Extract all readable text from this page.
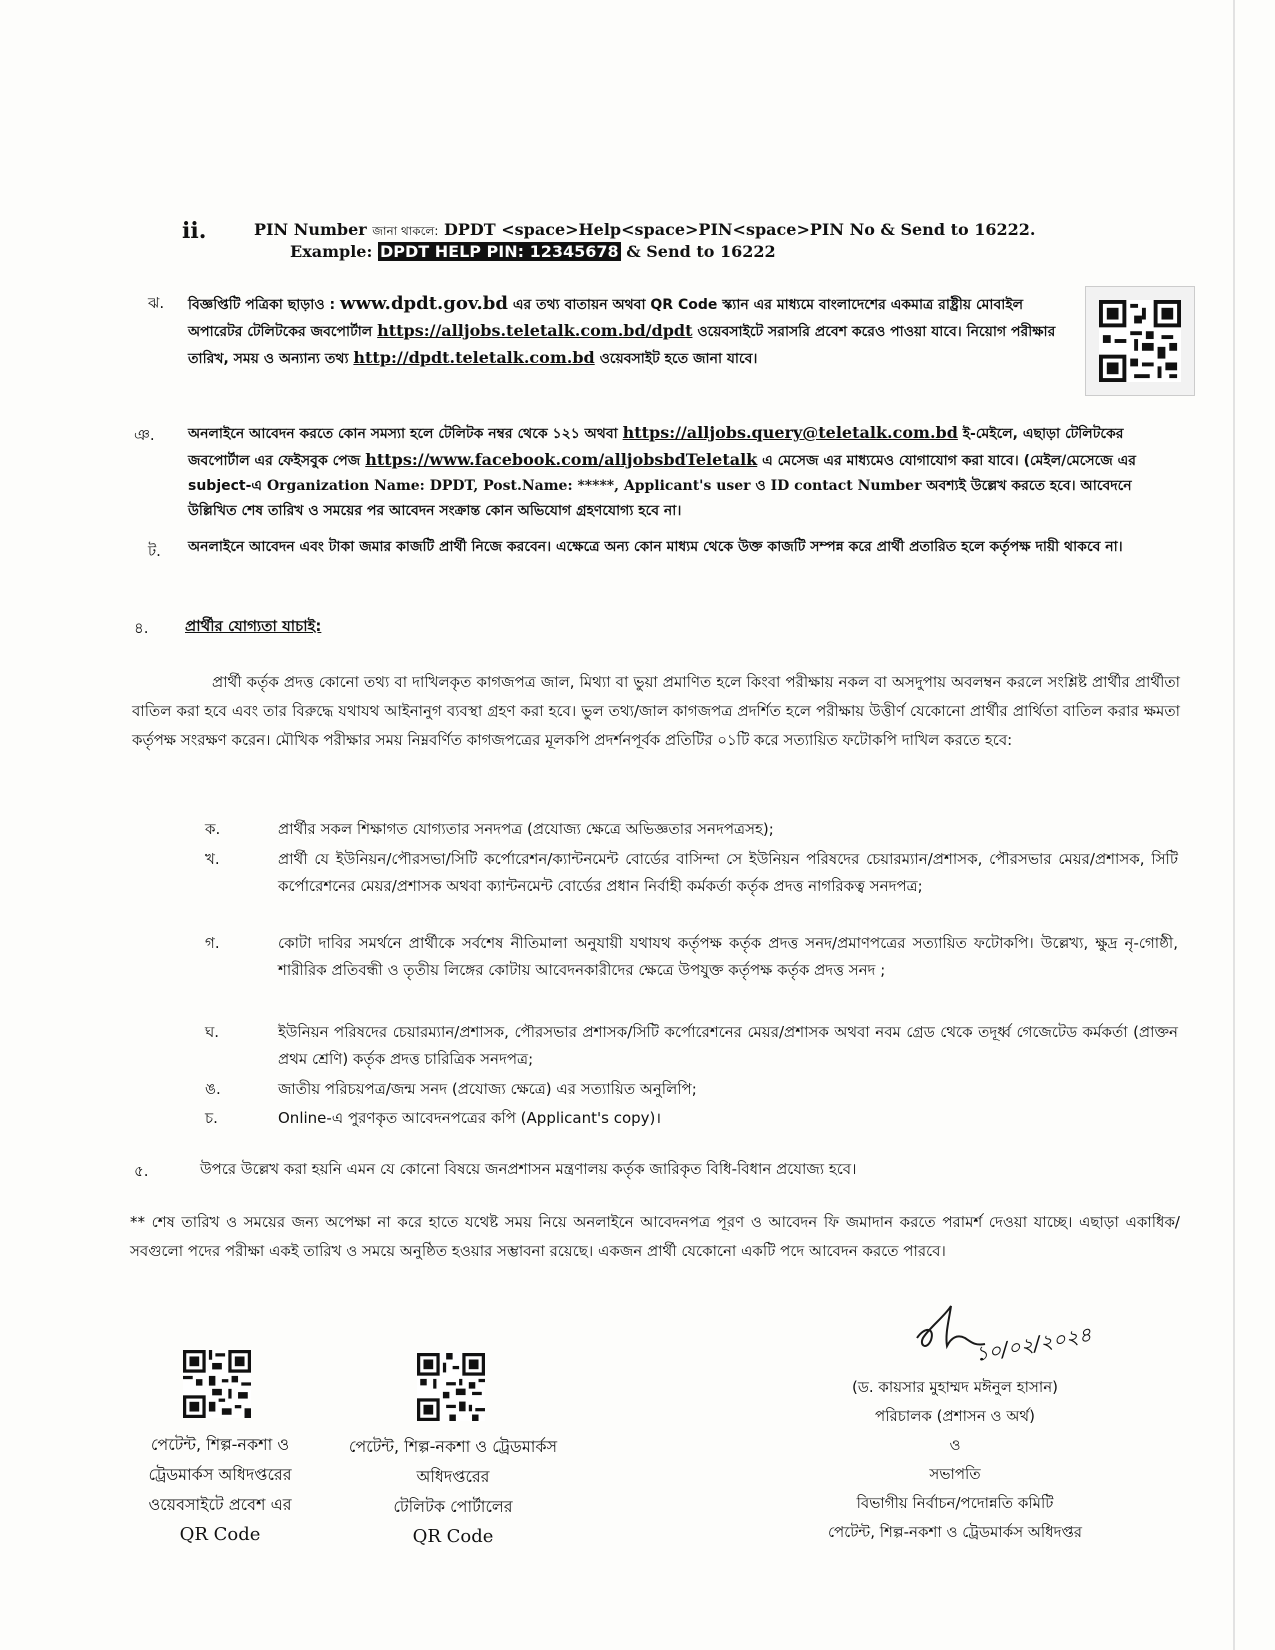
ii.	PIN Number জানা থাকলে: DPDT <space>Help<space>PIN<space>PIN No & Send to 16222.
Example: DPDT HELP PIN: 12345678 & Send to 16222
ঝ. বিজ্ঞপ্তিটি পত্রিকা ছাড়াও : www.dpdt.gov.bd এর তথ্য বাতায়ন অথবা QR Code স্ক্যান এর মাধ্যমে বাংলাদেশের একমাত্র রাষ্ট্রীয় মোবাইল অপারেটর টেলিটকের জবপোর্টাল https://alljobs.teletalk.com.bd/dpdt ওয়েবসাইটে সরাসরি প্রবেশ করেও পাওয়া যাবে। নিয়োগ পরীক্ষার তারিখ, সময় ও অন্যান্য তথ্য http://dpdt.teletalk.com.bd ওয়েবসাইট হতে জানা যাবে।
ঞ. অনলাইনে আবেদন করতে কোন সমস্যা হলে টেলিটক নম্বর থেকে ১২১ অথবা https://alljobs.query@teletalk.com.bd ই-মেইলে, এছাড়া টেলিটকের জবপোর্টাল এর ফেইসবুক পেজ https://www.facebook.com/alljobsbdTeletalk এ মেসেজ এর মাধ্যমেও যোগাযোগ করা যাবে। (মেইল/মেসেজে এর subject-এ Organization Name: DPDT, Post.Name: *****, Applicant's user ও ID contact Number অবশ্যই উল্লেখ করতে হবে। আবেদনে উল্লিখিত শেষ তারিখ ও সময়ের পর আবেদন সংক্রান্ত কোন অভিযোগ গ্রহণযোগ্য হবে না।
ট. অনলাইনে আবেদন এবং টাকা জমার কাজটি প্রার্থী নিজে করবেন। এক্ষেত্রে অন্য কোন মাধ্যম থেকে উক্ত কাজটি সম্পন্ন করে প্রার্থী প্রতারিত হলে কর্তৃপক্ষ দায়ী থাকবে না।
৪. প্রার্থীর যোগ্যতা যাচাই:
প্রার্থী কর্তৃক প্রদত্ত কোনো তথ্য বা দাখিলকৃত কাগজপত্র জাল, মিথ্যা বা ভুয়া প্রমাণিত হলে কিংবা পরীক্ষায় নকল বা অসদুপায় অবলম্বন করলে সংশ্লিষ্ট প্রার্থীর প্রার্থীতা বাতিল করা হবে এবং তার বিরুদ্ধে যথাযথ আইনানুগ ব্যবস্থা গ্রহণ করা হবে। ভুল তথ্য/জাল কাগজপত্র প্রদর্শিত হলে পরীক্ষায় উত্তীর্ণ যেকোনো প্রার্থীর প্রার্থিতা বাতিল করার ক্ষমতা কর্তৃপক্ষ সংরক্ষণ করেন। মৌখিক পরীক্ষার সময় নিম্নবর্ণিত কাগজপত্রের মূলকপি প্রদর্শনপূর্বক প্রতিটির ০১টি করে সত্যায়িত ফটোকপি দাখিল করতে হবে:
ক.	প্রার্থীর সকল শিক্ষাগত যোগ্যতার সনদপত্র (প্রযোজ্য ক্ষেত্রে অভিজ্ঞতার সনদপত্রসহ);
খ.	প্রার্থী যে ইউনিয়ন/পৌরসভা/সিটি কর্পোরেশন/ক্যান্টনমেন্ট বোর্ডের বাসিন্দা সে ইউনিয়ন পরিষদের চেয়ারম্যান/প্রশাসক, পৌরসভার মেয়র/প্রশাসক, সিটি কর্পোরেশনের মেয়র/প্রশাসক অথবা ক্যান্টনমেন্ট বোর্ডের প্রধান নির্বাহী কর্মকর্তা কর্তৃক প্রদত্ত নাগরিকত্ব সনদপত্র;
গ.	কোটা দাবির সমর্থনে প্রার্থীকে সর্বশেষ নীতিমালা অনুযায়ী যথাযথ কর্তৃপক্ষ কর্তৃক প্রদত্ত সনদ/প্রমাণপত্রের সত্যায়িত ফটোকপি। উল্লেখ্য, ক্ষুদ্র নৃ-গোষ্ঠী, শারীরিক প্রতিবন্ধী ও তৃতীয় লিঙ্গের কোটায় আবেদনকারীদের ক্ষেত্রে উপযুক্ত কর্তৃপক্ষ কর্তৃক প্রদত্ত সনদ ;
ঘ.	ইউনিয়ন পরিষদের চেয়ারম্যান/প্রশাসক, পৌরসভার প্রশাসক/সিটি কর্পোরেশনের মেয়র/প্রশাসক অথবা নবম গ্রেড থেকে তদূর্ধ্ব গেজেটেড কর্মকর্তা (প্রাক্তন প্রথম শ্রেণি) কর্তৃক প্রদত্ত চারিত্রিক সনদপত্র;
ঙ.	জাতীয় পরিচয়পত্র/জন্ম সনদ (প্রযোজ্য ক্ষেত্রে) এর সত্যায়িত অনুলিপি;
চ.	Online-এ পুরণকৃত আবেদনপত্রের কপি (Applicant's copy)।
৫.	উপরে উল্লেখ করা হয়নি এমন যে কোনো বিষয়ে জনপ্রশাসন মন্ত্রণালয় কর্তৃক জারিকৃত বিধি-বিধান প্রযোজ্য হবে।
** শেষ তারিখ ও সময়ের জন্য অপেক্ষা না করে হাতে যথেষ্ট সময় নিয়ে অনলাইনে আবেদনপত্র পূরণ ও আবেদন ফি জমাদান করতে পরামর্শ দেওয়া যাচ্ছে। এছাড়া একাধিক/সবগুলো পদের পরীক্ষা একই তারিখ ও সময়ে অনুষ্ঠিত হওয়ার সম্ভাবনা রয়েছে। একজন প্রার্থী যেকোনো একটি পদে আবেদন করতে পারবে।
পেটেন্ট, শিল্প-নকশা ও
ট্রেডমার্কস অধিদপ্তরের
ওয়েবসাইটে প্রবেশ এর
QR Code
পেটেন্ট, শিল্প-নকশা ও ট্রেডমার্কস
অধিদপ্তরের
টেলিটক পোর্টালের
QR Code
১০/০২/২০২৪
(ড. কায়সার মুহাম্মদ মঈনুল হাসান)
পরিচালক (প্রশাসন ও অর্থ)
ও
সভাপতি
বিভাগীয় নির্বাচন/পদোন্নতি কমিটি
পেটেন্ট, শিল্প-নকশা ও ট্রেডমার্কস অধিদপ্তর
